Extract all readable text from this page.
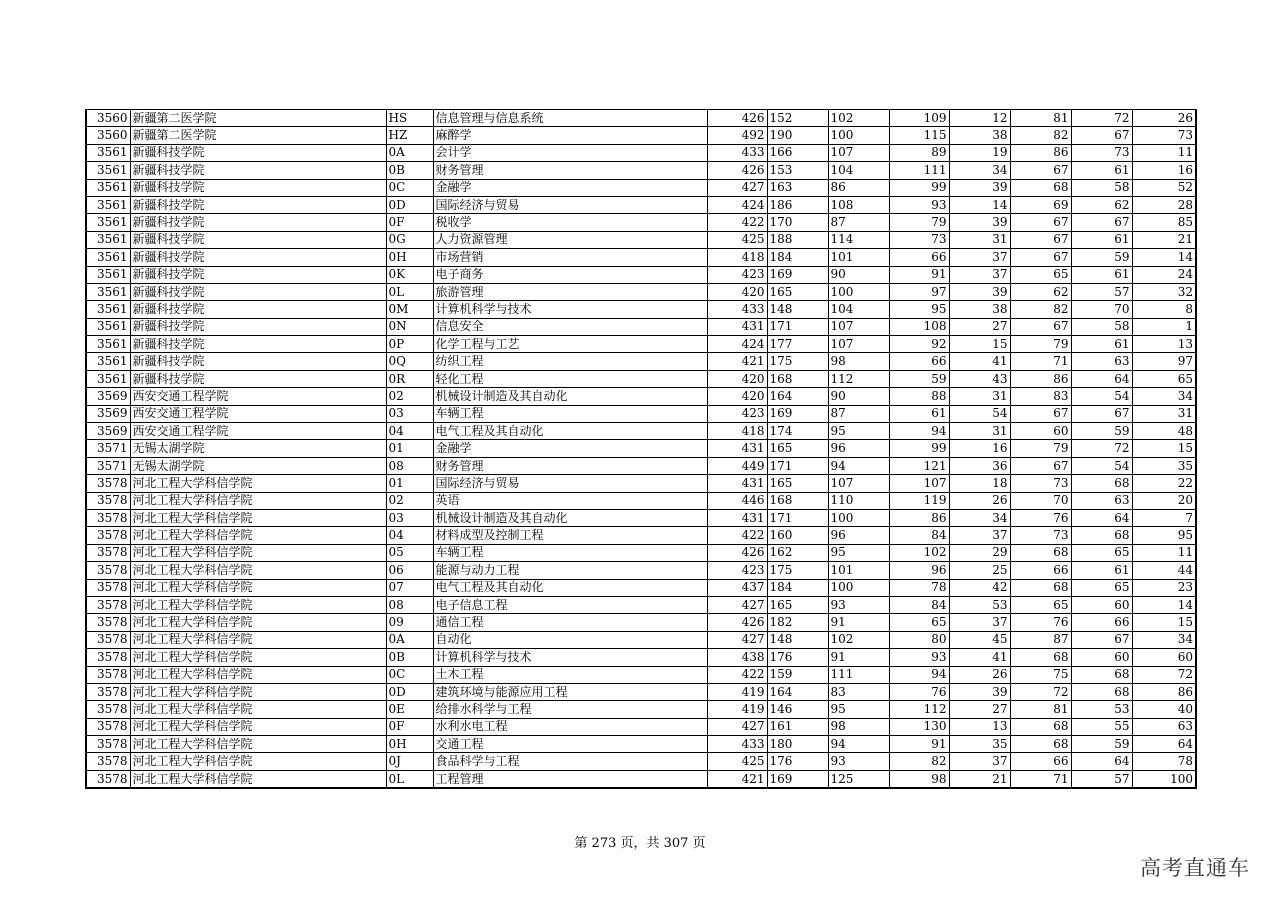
3560	新疆第二医学院	HS	信息管理与信息系统	426	152	102	109	12	81	72	26
3560	新疆第二医学院	HZ	麻醉学	492	190	100	115	38	82	67	73
3561	新疆科技学院	0A	会计学	433	166	107	89	19	86	73	11
3561	新疆科技学院	0B	财务管理	426	153	104	111	34	67	61	16
3561	新疆科技学院	0C	金融学	427	163	86	99	39	68	58	52
3561	新疆科技学院	0D	国际经济与贸易	424	186	108	93	14	69	62	28
3561	新疆科技学院	0F	税收学	422	170	87	79	39	67	67	85
3561	新疆科技学院	0G	人力资源管理	425	188	114	73	31	67	61	21
3561	新疆科技学院	0H	市场营销	418	184	101	66	37	67	59	14
3561	新疆科技学院	0K	电子商务	423	169	90	91	37	65	61	24
3561	新疆科技学院	0L	旅游管理	420	165	100	97	39	62	57	32
3561	新疆科技学院	0M	计算机科学与技术	433	148	104	95	38	82	70	8
3561	新疆科技学院	0N	信息安全	431	171	107	108	27	67	58	1
3561	新疆科技学院	0P	化学工程与工艺	424	177	107	92	15	79	61	13
3561	新疆科技学院	0Q	纺织工程	421	175	98	66	41	71	63	97
3561	新疆科技学院	0R	轻化工程	420	168	112	59	43	86	64	65
3569	西安交通工程学院	02	机械设计制造及其自动化	420	164	90	88	31	83	54	34
3569	西安交通工程学院	03	车辆工程	423	169	87	61	54	67	67	31
3569	西安交通工程学院	04	电气工程及其自动化	418	174	95	94	31	60	59	48
3571	无锡太湖学院	01	金融学	431	165	96	99	16	79	72	15
3571	无锡太湖学院	08	财务管理	449	171	94	121	36	67	54	35
3578	河北工程大学科信学院	01	国际经济与贸易	431	165	107	107	18	73	68	22
3578	河北工程大学科信学院	02	英语	446	168	110	119	26	70	63	20
3578	河北工程大学科信学院	03	机械设计制造及其自动化	431	171	100	86	34	76	64	7
3578	河北工程大学科信学院	04	材料成型及控制工程	422	160	96	84	37	73	68	95
3578	河北工程大学科信学院	05	车辆工程	426	162	95	102	29	68	65	11
3578	河北工程大学科信学院	06	能源与动力工程	423	175	101	96	25	66	61	44
3578	河北工程大学科信学院	07	电气工程及其自动化	437	184	100	78	42	68	65	23
3578	河北工程大学科信学院	08	电子信息工程	427	165	93	84	53	65	60	14
3578	河北工程大学科信学院	09	通信工程	426	182	91	65	37	76	66	15
3578	河北工程大学科信学院	0A	自动化	427	148	102	80	45	87	67	34
3578	河北工程大学科信学院	0B	计算机科学与技术	438	176	91	93	41	68	60	60
3578	河北工程大学科信学院	0C	土木工程	422	159	111	94	26	75	68	72
3578	河北工程大学科信学院	0D	建筑环境与能源应用工程	419	164	83	76	39	72	68	86
3578	河北工程大学科信学院	0E	给排水科学与工程	419	146	95	112	27	81	53	40
3578	河北工程大学科信学院	0F	水利水电工程	427	161	98	130	13	68	55	63
3578	河北工程大学科信学院	0H	交通工程	433	180	94	91	35	68	59	64
3578	河北工程大学科信学院	0J	食品科学与工程	425	176	93	82	37	66	64	78
3578	河北工程大学科信学院	0L	工程管理	421	169	125	98	21	71	57	100
第 273 页，共 307 页
高考直通车
